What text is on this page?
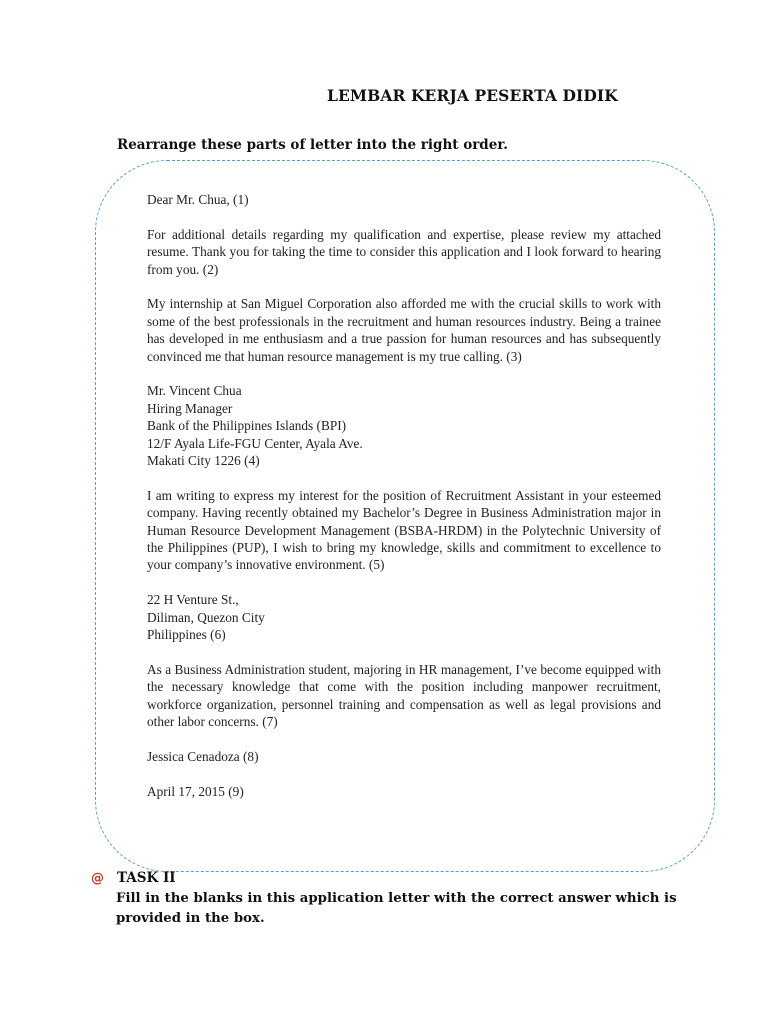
LEMBAR KERJA PESERTA DIDIK
Rearrange these parts of letter into the right order.

Dear Mr. Chua, (1)

For additional details regarding my qualification and expertise, please review my attached resume. Thank you for taking the time to consider this application and I look forward to hearing from you. (2)

My internship at San Miguel Corporation also afforded me with the crucial skills to work with some of the best professionals in the recruitment and human resources industry. Being a trainee has developed in me enthusiasm and a true passion for human resources and has subsequently convinced me that human resource management is my true calling. (3)

Mr. Vincent Chua
Hiring Manager
Bank of the Philippines Islands (BPI)
12/F Ayala Life-FGU Center, Ayala Ave.
Makati City 1226 (4)

I am writing to express my interest for the position of Recruitment Assistant in your esteemed company. Having recently obtained my Bachelor’s Degree in Business Administration major in Human Resource Development Management (BSBA-HRDM) in the Polytechnic University of the Philippines (PUP), I wish to bring my knowledge, skills and commitment to excellence to your company’s innovative environment. (5)

22 H Venture St.,
Diliman, Quezon City
Philippines (6)

As a Business Administration student, majoring in HR management, I’ve become equipped with the necessary knowledge that come with the position including manpower recruitment, workforce organization, personnel training and compensation as well as legal provisions and other labor concerns. (7)

Jessica Cenadoza (8)

April 17, 2015 (9)

@ TASK II
Fill in the blanks in this application letter with the correct answer which is provided in the box.
